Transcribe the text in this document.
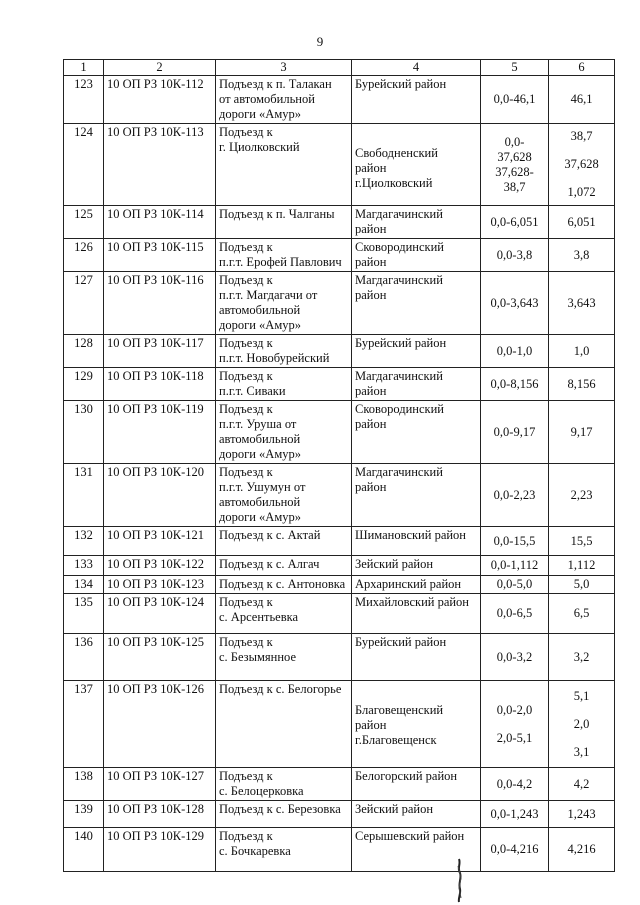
9
1	2	3	4	5	6
123	10 ОП РЗ 10К-112	Подъезд к п. Талакан
от автомобильной
дороги «Амур»	Бурейский район	0,0-46,1	46,1

124	10 ОП РЗ 10К-113	Подъезд к
г. Циолковский	Свободненский
район
г.Циолковский	0,0-
37,628
37,628-
38,7	38,7
37,628
1,072

125	10 ОП РЗ 10К-114	Подъезд к п. Чалганы	Магдагачинский
район	0,0-6,051	6,051

126	10 ОП РЗ 10К-115	Подъезд к
п.г.т. Ерофей Павлович	Сковородинский
район	0,0-3,8	3,8

127	10 ОП РЗ 10К-116	Подъезд к
п.г.т. Магдагачи от
автомобильной
дороги «Амур»	Магдагачинский
район	0,0-3,643	3,643

128	10 ОП РЗ 10К-117	Подъезд к
п.г.т. Новобурейский	Бурейский район	0,0-1,0	1,0

129	10 ОП РЗ 10К-118	Подъезд к
п.г.т. Сиваки	Магдагачинский
район	0,0-8,156	8,156

130	10 ОП РЗ 10К-119	Подъезд к
п.г.т. Уруша от
автомобильной
дороги «Амур»	Сковородинский
район	0,0-9,17	9,17

131	10 ОП РЗ 10К-120	Подъезд к
п.г.т. Ушумун от
автомобильной
дороги «Амур»	Магдагачинский
район	0,0-2,23	2,23

132	10 ОП РЗ 10К-121	Подъезд к с. Актай	Шимановский район	0,0-15,5	15,5

133	10 ОП РЗ 10К-122	Подъезд к с. Алгач	Зейский район	0,0-1,112	1,112

134	10 ОП РЗ 10К-123	Подъезд к с. Антоновка	Архаринский район	0,0-5,0	5,0

135	10 ОП РЗ 10К-124	Подъезд к
с. Арсентьевка	Михайловский район	0,0-6,5	6,5

136	10 ОП РЗ 10К-125	Подъезд к
с. Безымянное	Бурейский район	0,0-3,2	3,2

137	10 ОП РЗ 10К-126	Подъезд к с. Белогорье	Благовещенский
район
г.Благовещенск	0,0-2,0
2,0-5,1	5,1
2,0
3,1

138	10 ОП РЗ 10К-127	Подъезд к
с. Белоцерковка	Белогорский район	0,0-4,2	4,2

139	10 ОП РЗ 10К-128	Подъезд к с. Березовка	Зейский район	0,0-1,243	1,243

140	10 ОП РЗ 10К-129	Подъезд к
с. Бочкаревка	Серышевский район	0,0-4,216	4,216
